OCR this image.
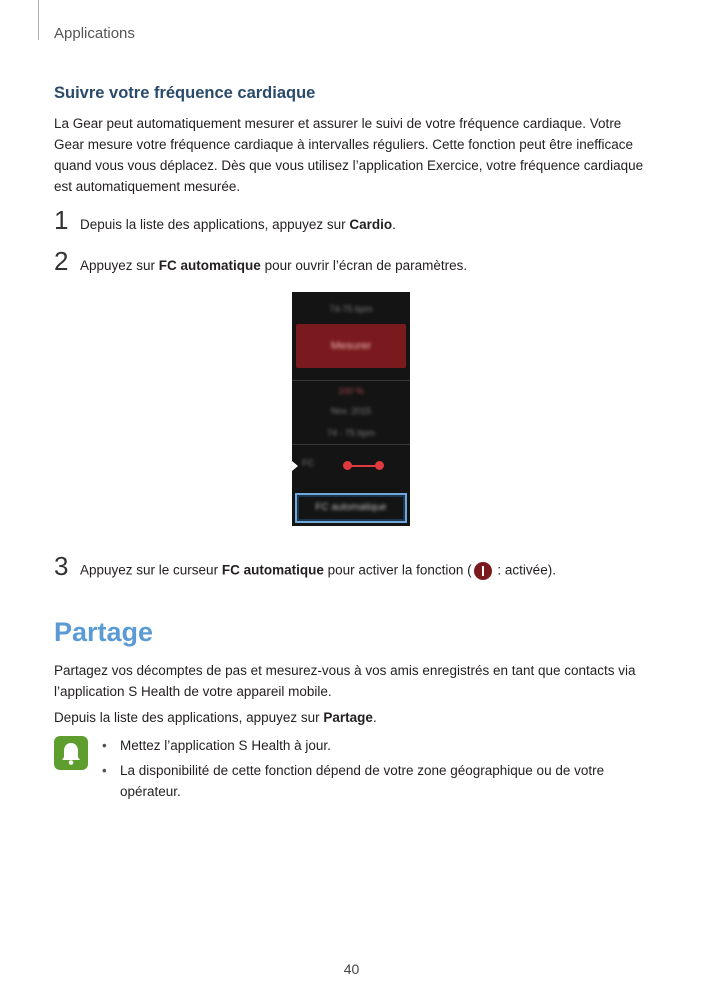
Applications
Suivre votre fréquence cardiaque

La Gear peut automatiquement mesurer et assurer le suivi de votre fréquence cardiaque. Votre Gear mesure votre fréquence cardiaque à intervalles réguliers. Cette fonction peut être inefficace quand vous vous déplacez. Dès que vous utilisez l’application Exercice, votre fréquence cardiaque est automatiquement mesurée.

1 Depuis la liste des applications, appuyez sur Cardio.
2 Appuyez sur FC automatique pour ouvrir l’écran de paramètres.
74-75 bpm
Mesurer
100 %
Nov. 2015
74 - 75 bpm
FC
FC automatique
3 Appuyez sur le curseur FC automatique pour activer la fonction ( : activée).
Partage

Partagez vos décomptes de pas et mesurez-vous à vos amis enregistrés en tant que contacts via l’application S Health de votre appareil mobile.

Depuis la liste des applications, appuyez sur Partage.

• Mettez l’application S Health à jour.
• La disponibilité de cette fonction dépend de votre zone géographique ou de votre opérateur.
40
